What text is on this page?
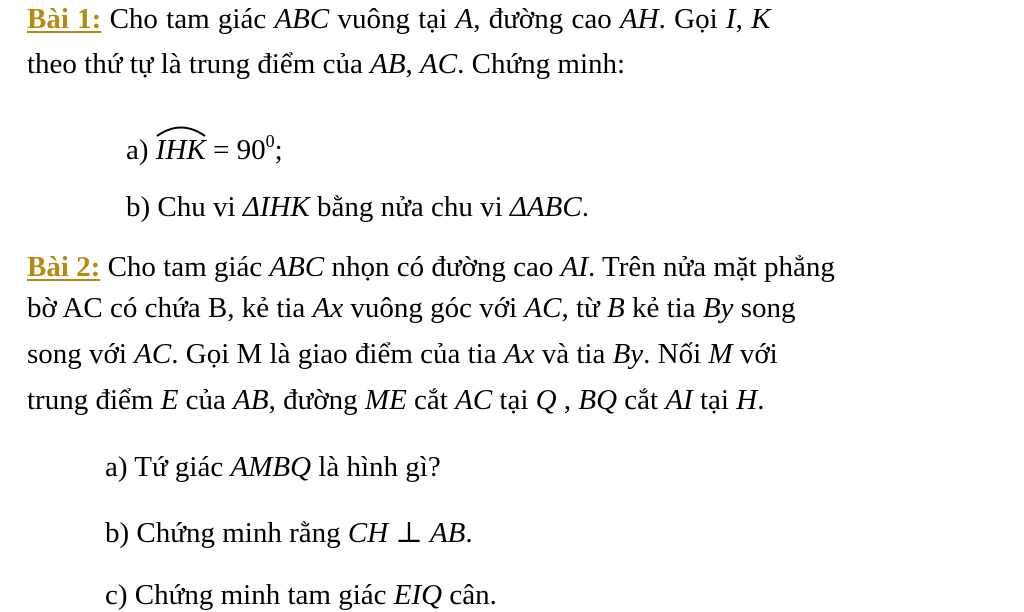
Bài 1: Cho tam giác ABC vuông tại A, đường cao AH. Gọi I, K
theo thứ tự là trung điểm của AB, AC. Chứng minh:
a)
IHK = $90^0$;
b) Chu vi ΔIHK bằng nửa chu vi ΔABC.
Bài 2: Cho tam giác ABC nhọn có đường cao AI. Trên nửa mặt phẳng
bờ AC có chứa B, kẻ tia Ax vuông góc với AC, từ B kẻ tia By song
song với AC. Gọi M là giao điểm của tia Ax và tia By. Nối M với
trung điểm E của AB, đường ME cắt AC tại Q , BQ cắt AI tại H.
a) Tứ giác AMBQ là hình gì?
b) Chứng minh rằng CH ⊥ AB.
c) Chứng minh tam giác EIQ cân.
